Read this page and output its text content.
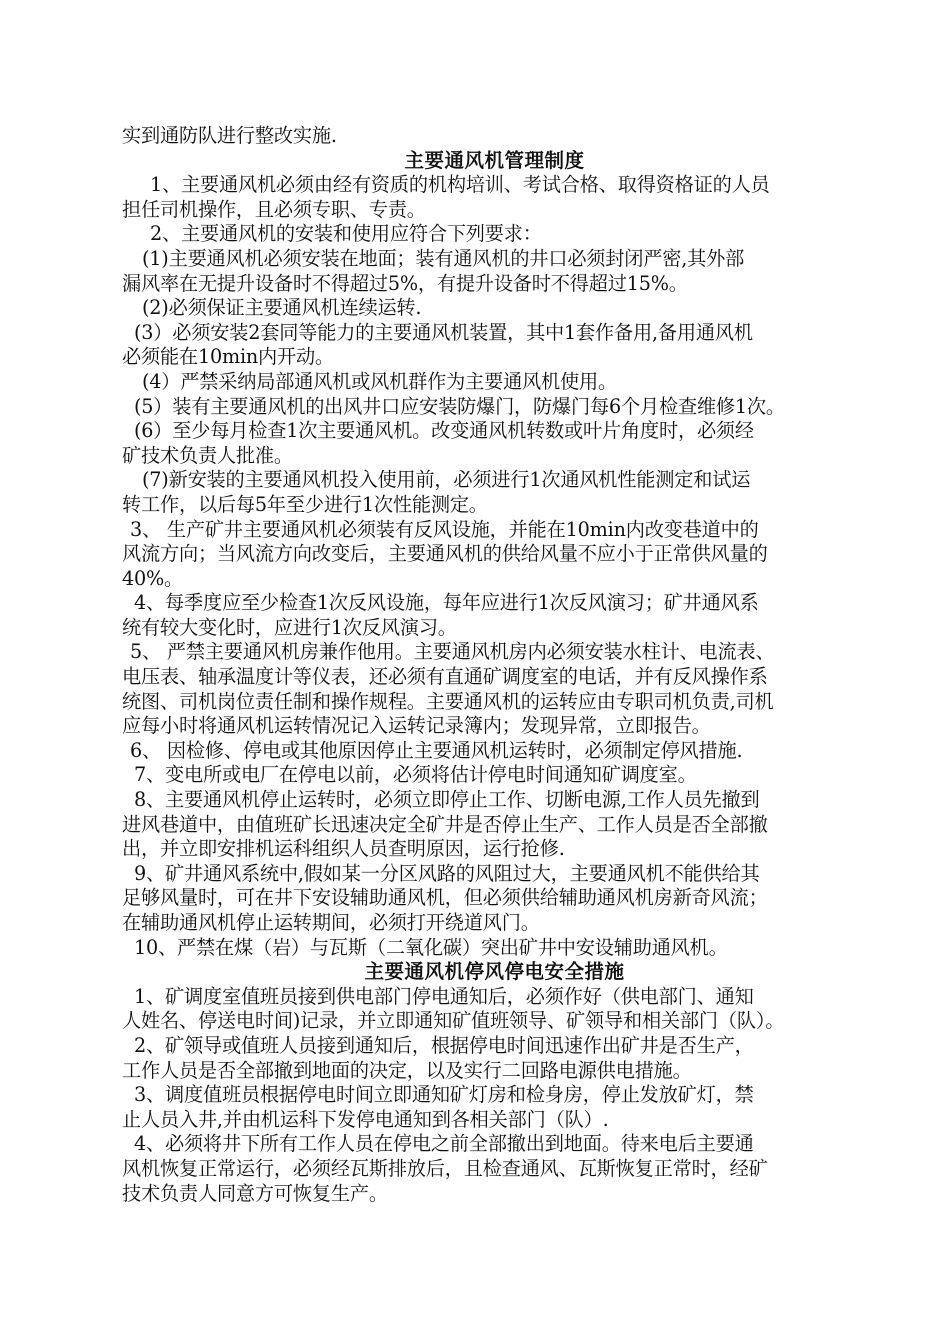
实到通防队进行整改实施.
主要通风机管理制度
1、主要通风机必须由经有资质的机构培训、考试合格、取得资格证的人员
担任司机操作，且必须专职、专责。
2、主要通风机的安装和使用应符合下列要求：
(1)主要通风机必须安装在地面；装有通风机的井口必须封闭严密,其外部
漏风率在无提升设备时不得超过5%，有提升设备时不得超过15%。
(2)必须保证主要通风机连续运转.
(3）必须安装2套同等能力的主要通风机装置，其中1套作备用,备用通风机
必须能在10min内开动。
(4）严禁采纳局部通风机或风机群作为主要通风机使用。
(5）装有主要通风机的出风井口应安装防爆门，防爆门每6个月检查维修1次。
(6）至少每月检查1次主要通风机。改变通风机转数或叶片角度时，必须经
矿技术负责人批准。
(7)新安装的主要通风机投入使用前，必须进行1次通风机性能测定和试运
转工作，以后每5年至少进行1次性能测定。
3、 生产矿井主要通风机必须装有反风设施，并能在10min内改变巷道中的
风流方向；当风流方向改变后，主要通风机的供给风量不应小于正常供风量的
40%。
4、每季度应至少检查1次反风设施，每年应进行1次反风演习；矿井通风系
统有较大变化时，应进行1次反风演习。
5、 严禁主要通风机房兼作他用。主要通风机房内必须安装水柱计、电流表、
电压表、轴承温度计等仪表，还必须有直通矿调度室的电话，并有反风操作系
统图、司机岗位责任制和操作规程。主要通风机的运转应由专职司机负责,司机
应每小时将通风机运转情况记入运转记录簿内；发现异常，立即报告。
6、 因检修、停电或其他原因停止主要通风机运转时，必须制定停风措施.
7、变电所或电厂在停电以前，必须将估计停电时间通知矿调度室。
8、主要通风机停止运转时，必须立即停止工作、切断电源,工作人员先撤到
进风巷道中，由值班矿长迅速决定全矿井是否停止生产、工作人员是否全部撤
出，并立即安排机运科组织人员查明原因，运行抢修.
9、矿井通风系统中,假如某一分区风路的风阻过大，主要通风机不能供给其
足够风量时，可在井下安设辅助通风机，但必须供给辅助通风机房新奇风流；
在辅助通风机停止运转期间，必须打开绕道风门。
10、严禁在煤（岩）与瓦斯（二氧化碳）突出矿井中安设辅助通风机。
主要通风机停风停电安全措施
1、矿调度室值班员接到供电部门停电通知后，必须作好（供电部门、通知
人姓名、停送电时间)记录，并立即通知矿值班领导、矿领导和相关部门（队）。
2、矿领导或值班人员接到通知后，根据停电时间迅速作出矿井是否生产，
工作人员是否全部撤到地面的决定，以及实行二回路电源供电措施。
3、调度值班员根据停电时间立即通知矿灯房和检身房，停止发放矿灯，禁
止人员入井,并由机运科下发停电通知到各相关部门（队）.
4、必须将井下所有工作人员在停电之前全部撤出到地面。待来电后主要通
风机恢复正常运行，必须经瓦斯排放后，且检查通风、瓦斯恢复正常时，经矿
技术负责人同意方可恢复生产。
